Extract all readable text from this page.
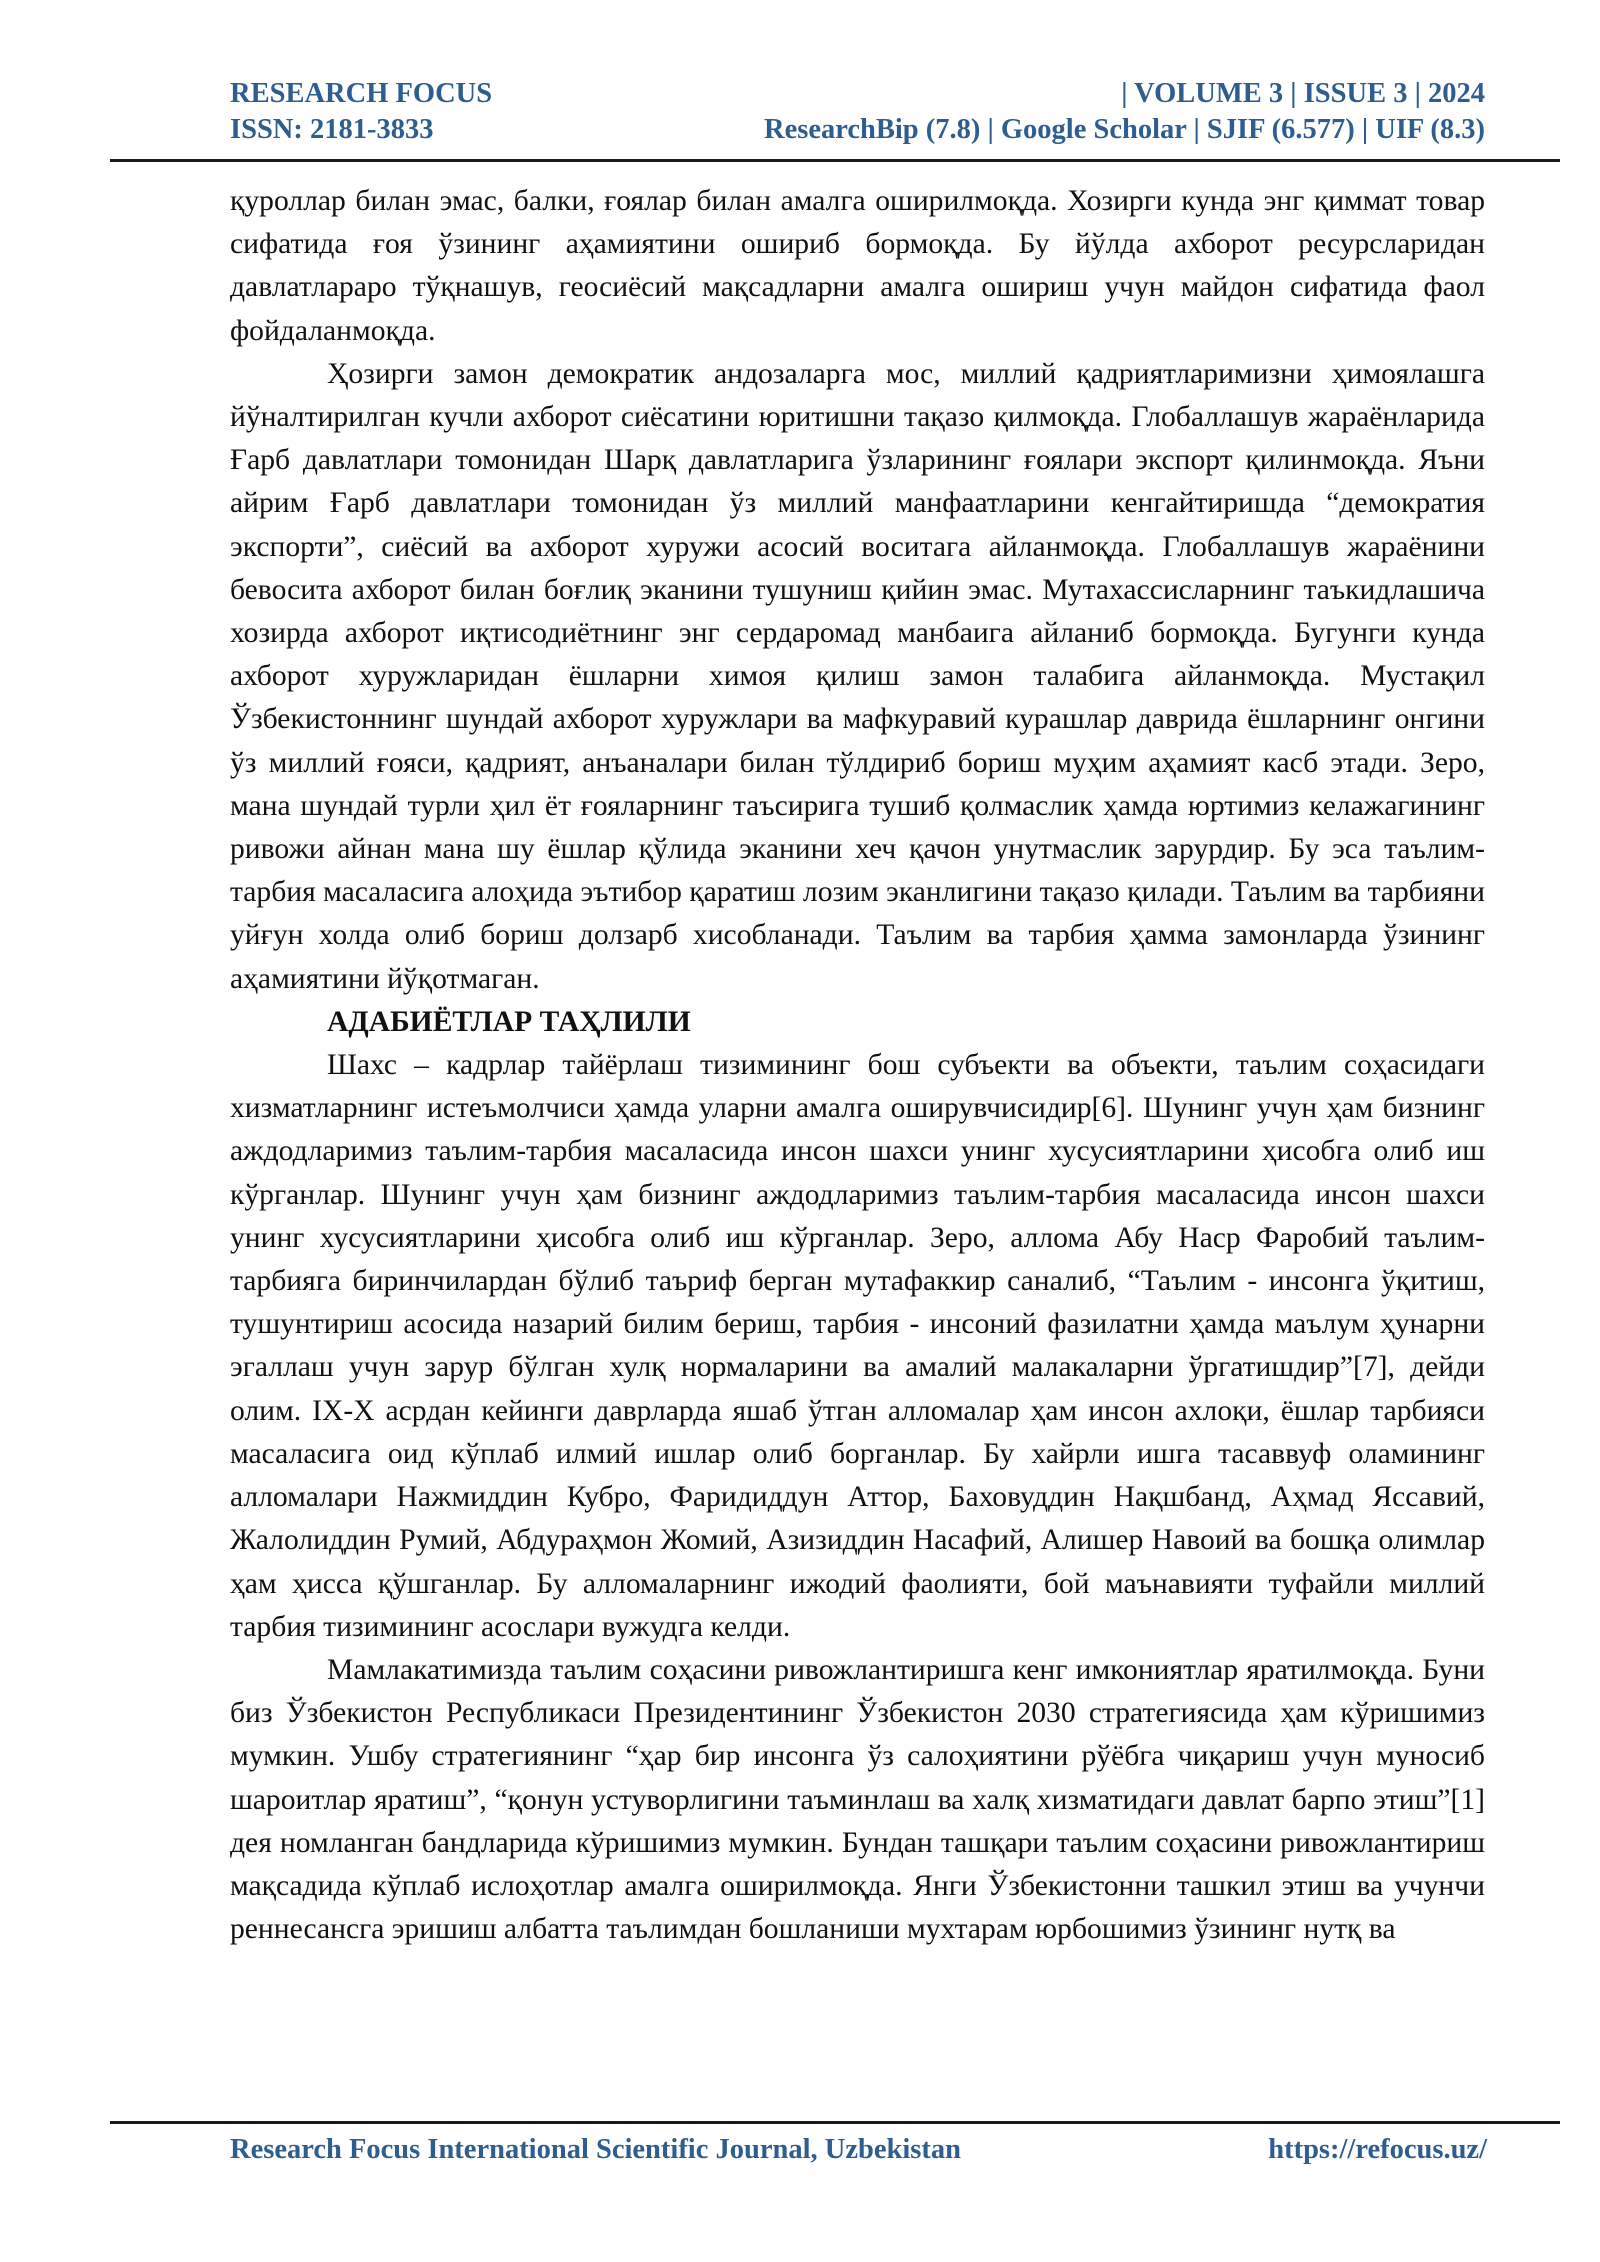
RESEARCH FOCUS	| VOLUME 3 | ISSUE 3 | 2024
ISSN: 2181-3833	ResearchBip (7.8) | Google Scholar | SJIF (6.577) | UIF (8.3)

қуроллар билан эмас, балки, ғоялар билан амалга оширилмоқда. Хозирги кунда энг қиммат товар сифатида ғоя ўзининг аҳамиятини ошириб бормоқда. Бу йўлда ахборот ресурсларидан давлатлараро тўқнашув, геосиёсий мақсадларни амалга ошириш учун майдон сифатида фаол фойдаланмоқда.

Ҳозирги замон демократик андозаларга мос, миллий қадриятларимизни ҳимоялашга йўналтирилган кучли ахборот сиёсатини юритишни тақазо қилмоқда. Глобаллашув жараёнларида Ғарб давлатлари томонидан Шарқ давлатларига ўзларининг ғоялари экспорт қилинмоқда. Яъни айрим Ғарб давлатлари томонидан ўз миллий манфаатларини кенгайтиришда “демократия экспорти”, сиёсий ва ахборот хуружи асосий воситага айланмоқда. Глобаллашув жараёнини бевосита ахборот билан боғлиқ эканини тушуниш қийин эмас. Мутахассисларнинг таъкидлашича хозирда ахборот иқтисодиётнинг энг сердаромад манбаига айланиб бормоқда. Бугунги кунда ахборот хуружларидан ёшларни химоя қилиш замон талабига айланмоқда. Мустақил Ўзбекистоннинг шундай ахборот хуружлари ва мафкуравий курашлар даврида ёшларнинг онгини ўз миллий ғояси, қадрият, анъаналари билан тўлдириб бориш муҳим аҳамият касб этади. Зеро, мана шундай турли ҳил ёт ғояларнинг таъсирига тушиб қолмаслик ҳамда юртимиз келажагининг ривожи айнан мана шу ёшлар қўлида эканини хеч қачон унутмаслик зарурдир. Бу эса таълим-тарбия масаласига алоҳида эътибор қаратиш лозим эканлигини тақазо қилади. Таълим ва тарбияни уйғун холда олиб бориш долзарб хисобланади. Таълим ва тарбия ҳамма замонларда ўзининг аҳамиятини йўқотмаган.

АДАБИЁТЛАР ТАҲЛИЛИ

Шахс – кадрлар тайёрлаш тизимининг бош субъекти ва объекти, таълим соҳасидаги хизматларнинг истеъмолчиси ҳамда уларни амалга оширувчисидир[6]. Шунинг учун ҳам бизнинг аждодларимиз таълим-тарбия масаласида инсон шахси унинг хусусиятларини ҳисобга олиб иш кўрганлар. Шунинг учун ҳам бизнинг аждодларимиз таълим-тарбия масаласида инсон шахси унинг хусусиятларини ҳисобга олиб иш кўрганлар. Зеро, аллома Абу Наср Фаробий таълим-тарбияга биринчилардан бўлиб таъриф берган мутафаккир саналиб, “Таълим - инсонга ўқитиш, тушунтириш асосида назарий билим бериш, тарбия - инсоний фазилатни ҳамда маълум ҳунарни эгаллаш учун зарур бўлган хулқ нормаларини ва амалий малакаларни ўргатишдир”[7], дейди олим. IX-X асрдан кейинги даврларда яшаб ўтган алломалар ҳам инсон ахлоқи, ёшлар тарбияси масаласига оид кўплаб илмий ишлар олиб борганлар. Бу хайрли ишга тасаввуф оламининг алломалари Нажмиддин Кубро, Фаридиддун Аттор, Баховуддин Нақшбанд, Аҳмад Яссавий, Жалолиддин Румий, Абдураҳмон Жомий, Азизиддин Насафий, Алишер Навоий ва бошқа олимлар ҳам ҳисса қўшганлар. Бу алломаларнинг ижодий фаолияти, бой маънавияти туфайли миллий тарбия тизимининг асослари вужудга келди.

Мамлакатимизда таълим соҳасини ривожлантиришга кенг имкониятлар яратилмоқда. Буни биз Ўзбекистон Республикаси Президентининг Ўзбекистон 2030 стратегиясида ҳам кўришимиз мумкин. Ушбу стратегиянинг “ҳар бир инсонга ўз салоҳиятини рўёбга чиқариш учун муносиб шароитлар яратиш”, “қонун устуворлигини таъминлаш ва халқ хизматидаги давлат барпо этиш”[1] дея номланган бандларида кўришимиз мумкин. Бундан ташқари таълим соҳасини ривожлантириш мақсадида кўплаб ислоҳотлар амалга оширилмоқда. Янги Ўзбекистонни ташкил этиш ва учунчи реннесансга эришиш албатта таълимдан бошланиши мухтарам юрбошимиз ўзининг нутқ ва

Research Focus International Scientific Journal, Uzbekistan	https://refocus.uz/
